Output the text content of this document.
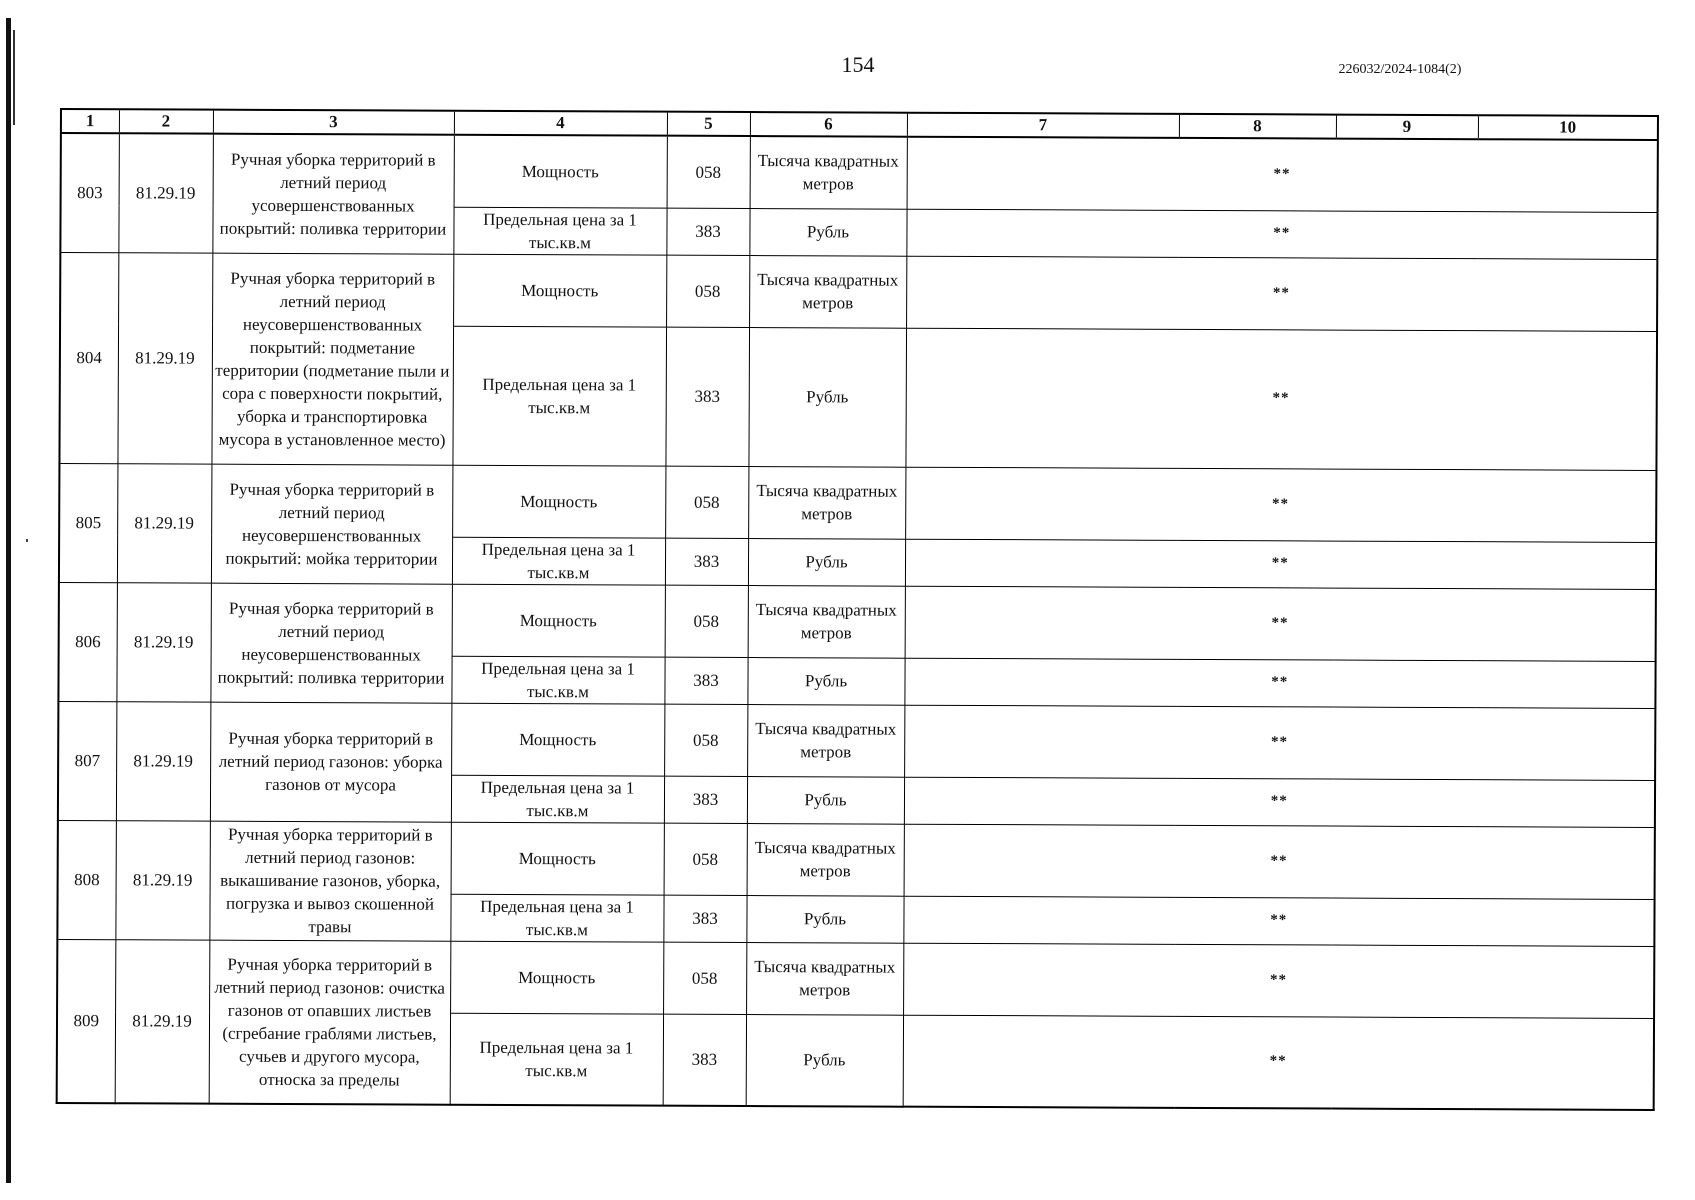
154	226032/2024-1084(2)
1	2	3	4	5	6	7	8	9	10
803	81.29.19	Ручная уборка территорий в летний период усовершенствованных покрытий: поливка территории	Мощность	058	Тысяча квадратных метров	**			
			Предельная цена за 1 тыс.кв.м	383	Рубль	**			
804	81.29.19	Ручная уборка территорий в летний период неусовершенствованных покрытий: подметание территории (подметание пыли и сора с поверхности покрытий, уборка и транспортировка мусора в установленное место)	Мощность	058	Тысяча квадратных метров	**			
			Предельная цена за 1 тыс.кв.м	383	Рубль	**			
805	81.29.19	Ручная уборка территорий в летний период неусовершенствованных покрытий: мойка территории	Мощность	058	Тысяча квадратных метров	**			
			Предельная цена за 1 тыс.кв.м	383	Рубль	**			
806	81.29.19	Ручная уборка территорий в летний период неусовершенствованных покрытий: поливка территории	Мощность	058	Тысяча квадратных метров	**			
			Предельная цена за 1 тыс.кв.м	383	Рубль	**			
807	81.29.19	Ручная уборка территорий в летний период газонов: уборка газонов от мусора	Мощность	058	Тысяча квадратных метров	**			
			Предельная цена за 1 тыс.кв.м	383	Рубль	**			
808	81.29.19	Ручная уборка территорий в летний период газонов: выкашивание газонов, уборка, погрузка и вывоз скошенной травы	Мощность	058	Тысяча квадратных метров	**			
			Предельная цена за 1 тыс.кв.м	383	Рубль	**			
809	81.29.19	Ручная уборка территорий в летний период газонов: очистка газонов от опавших листьев (сгребание граблями листьев, сучьев и другого мусора, относка за пределы	Мощность	058	Тысяча квадратных метров	**			
			Предельная цена за 1 тыс.кв.м	383	Рубль	**			
